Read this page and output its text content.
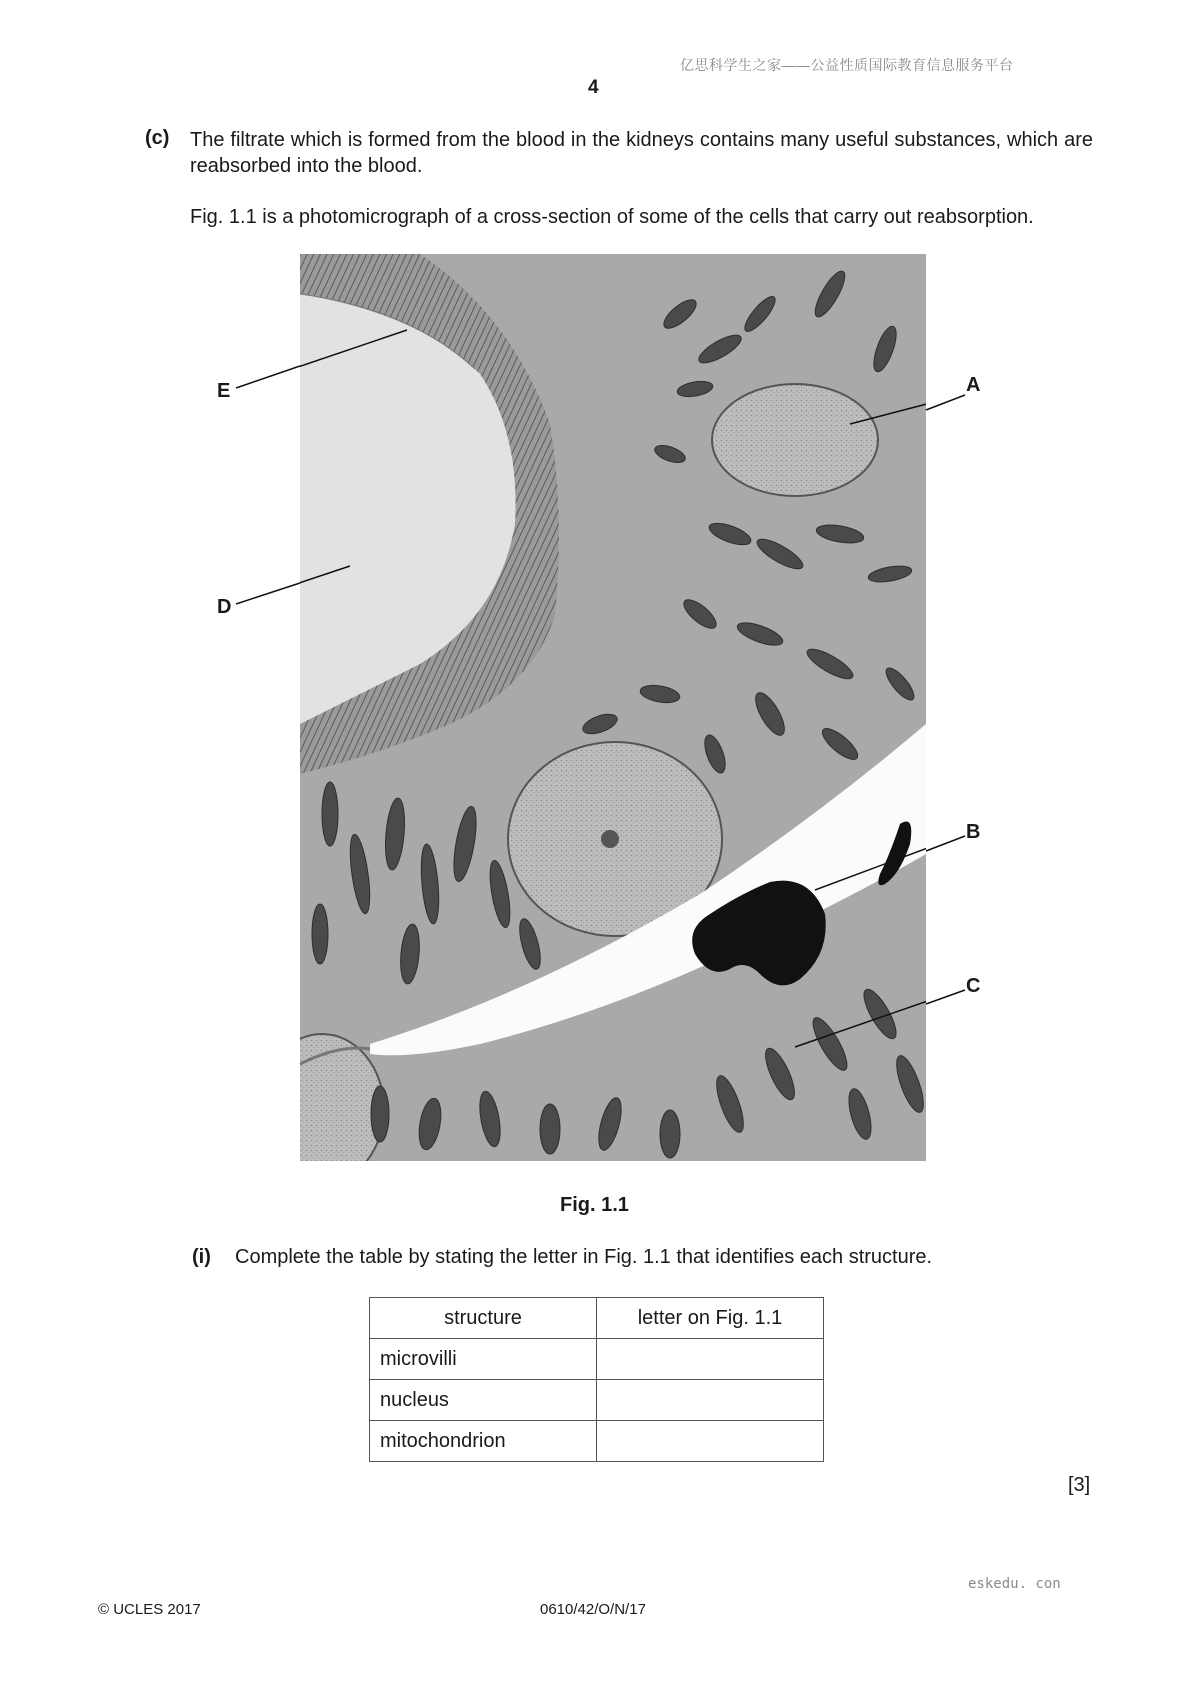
亿思科学生之家——公益性质国际教育信息服务平台
4
(c) The filtrate which is formed from the blood in the kidneys contains many useful substances, which are reabsorbed into the blood.
Fig. 1.1 is a photomicrograph of a cross-section of some of the cells that carry out reabsorption.
E
D
A
B
C
Fig. 1.1
(i) Complete the table by stating the letter in Fig. 1.1 that identifies each structure.
structure	letter on Fig. 1.1
microvilli	
nucleus	
mitochondrion	
[3]
eskedu. con
© UCLES 2017	0610/42/O/N/17
